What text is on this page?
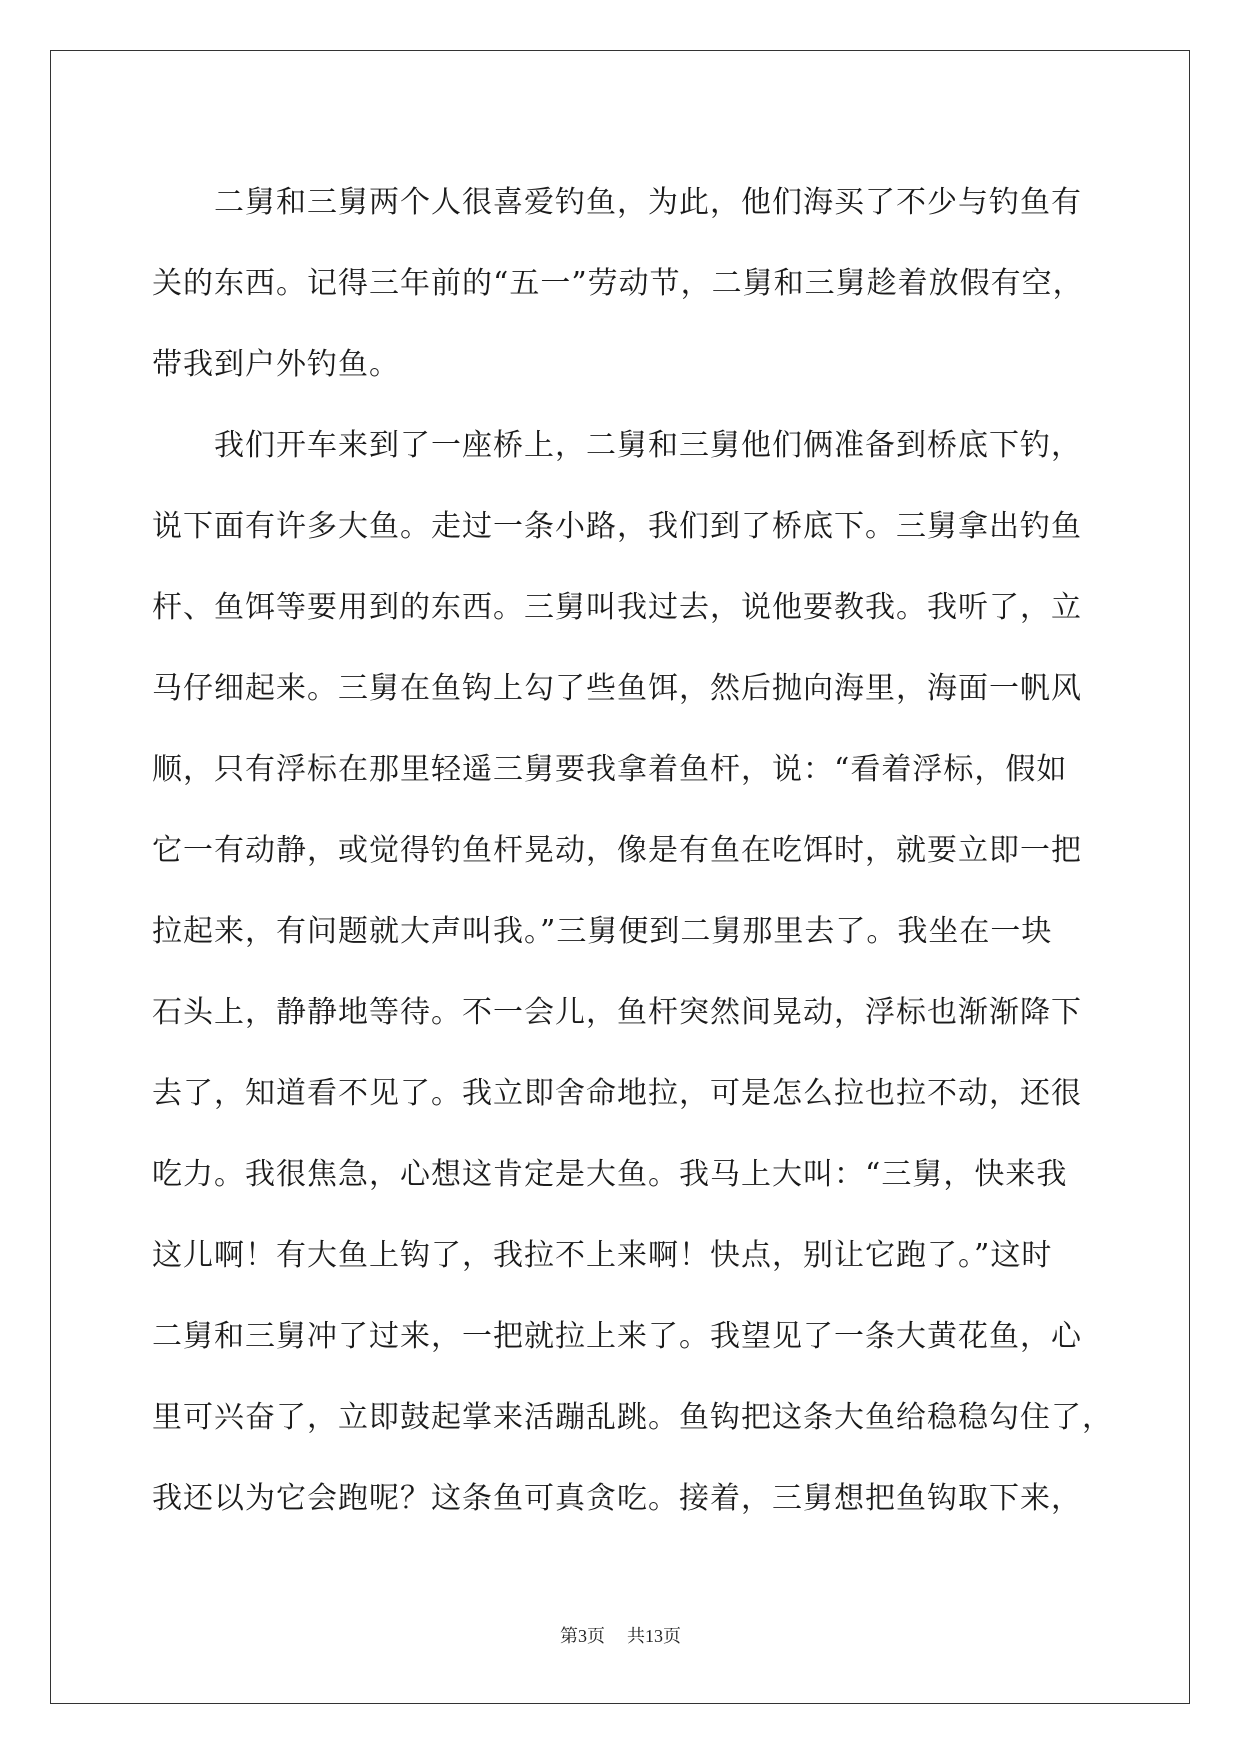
二舅和三舅两个人很喜爱钓鱼，为此，他们海买了不少与钓鱼有
关的东西。记得三年前的“五一”劳动节，二舅和三舅趁着放假有空，
带我到户外钓鱼。
我们开车来到了一座桥上，二舅和三舅他们俩准备到桥底下钓，
说下面有许多大鱼。走过一条小路，我们到了桥底下。三舅拿出钓鱼
杆、鱼饵等要用到的东西。三舅叫我过去，说他要教我。我听了，立
马仔细起来。三舅在鱼钩上勾了些鱼饵，然后抛向海里，海面一帆风
顺，只有浮标在那里轻遥三舅要我拿着鱼杆，说：“看着浮标，假如
它一有动静，或觉得钓鱼杆晃动，像是有鱼在吃饵时，就要立即一把
拉起来，有问题就大声叫我。”三舅便到二舅那里去了。我坐在一块
石头上，静静地等待。不一会儿，鱼杆突然间晃动，浮标也渐渐降下
去了，知道看不见了。我立即舍命地拉，可是怎么拉也拉不动，还很
吃力。我很焦急，心想这肯定是大鱼。我马上大叫：“三舅，快来我
这儿啊！有大鱼上钩了，我拉不上来啊！快点，别让它跑了。”这时
二舅和三舅冲了过来，一把就拉上来了。我望见了一条大黄花鱼，心
里可兴奋了，立即鼓起掌来活蹦乱跳。鱼钩把这条大鱼给稳稳勾住了，
我还以为它会跑呢？这条鱼可真贪吃。接着，三舅想把鱼钩取下来，
第3页 共13页
